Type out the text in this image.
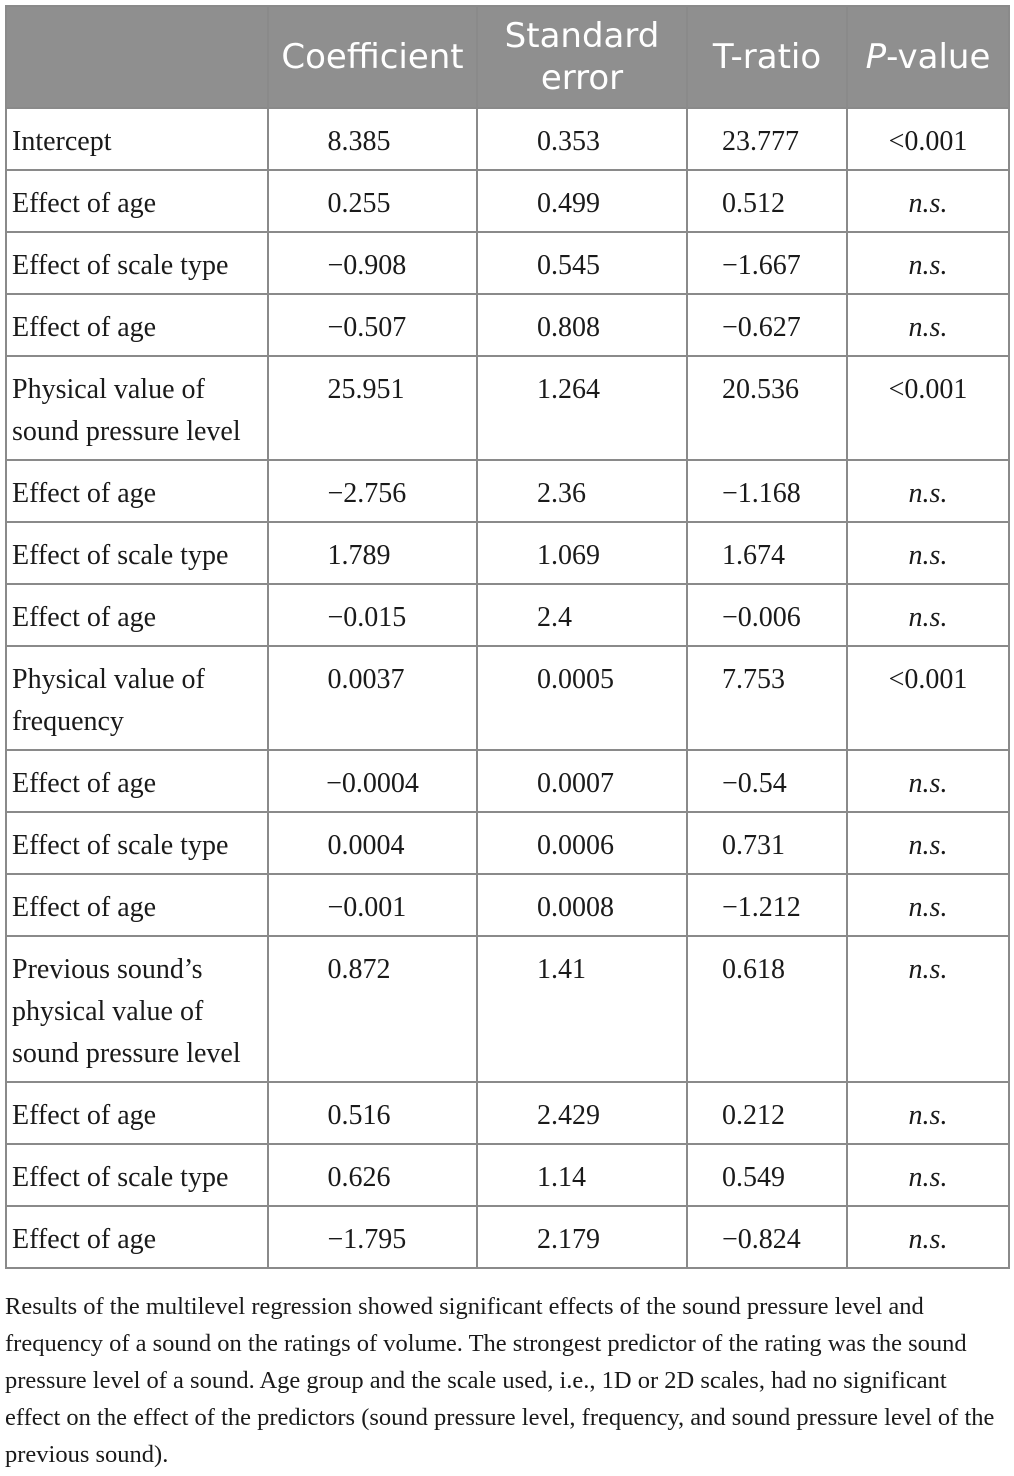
	Coefficient	Standard error	T-ratio	P-value
Intercept	8.385	0.353	23.777	<0.001
Effect of age	0.255	0.499	0.512	n.s.
Effect of scale type	−0.908	0.545	−1.667	n.s.
Effect of age	−0.507	0.808	−0.627	n.s.
Physical value of sound pressure level	25.951	1.264	20.536	<0.001
Effect of age	−2.756	2.36	−1.168	n.s.
Effect of scale type	1.789	1.069	1.674	n.s.
Effect of age	−0.015	2.4	−0.006	n.s.
Physical value of frequency	0.0037	0.0005	7.753	<0.001
Effect of age	−0.0004	0.0007	−0.54	n.s.
Effect of scale type	0.0004	0.0006	0.731	n.s.
Effect of age	−0.001	0.0008	−1.212	n.s.
Previous sound’s physical value of sound pressure level	0.872	1.41	0.618	n.s.
Effect of age	0.516	2.429	0.212	n.s.
Effect of scale type	0.626	1.14	0.549	n.s.
Effect of age	−1.795	2.179	−0.824	n.s.
Results of the multilevel regression showed significant effects of the sound pressure level and frequency of a sound on the ratings of volume. The strongest predictor of the rating was the sound pressure level of a sound. Age group and the scale used, i.e., 1D or 2D scales, had no significant effect on the effect of the predictors (sound pressure level, frequency, and sound pressure level of the previous sound).
